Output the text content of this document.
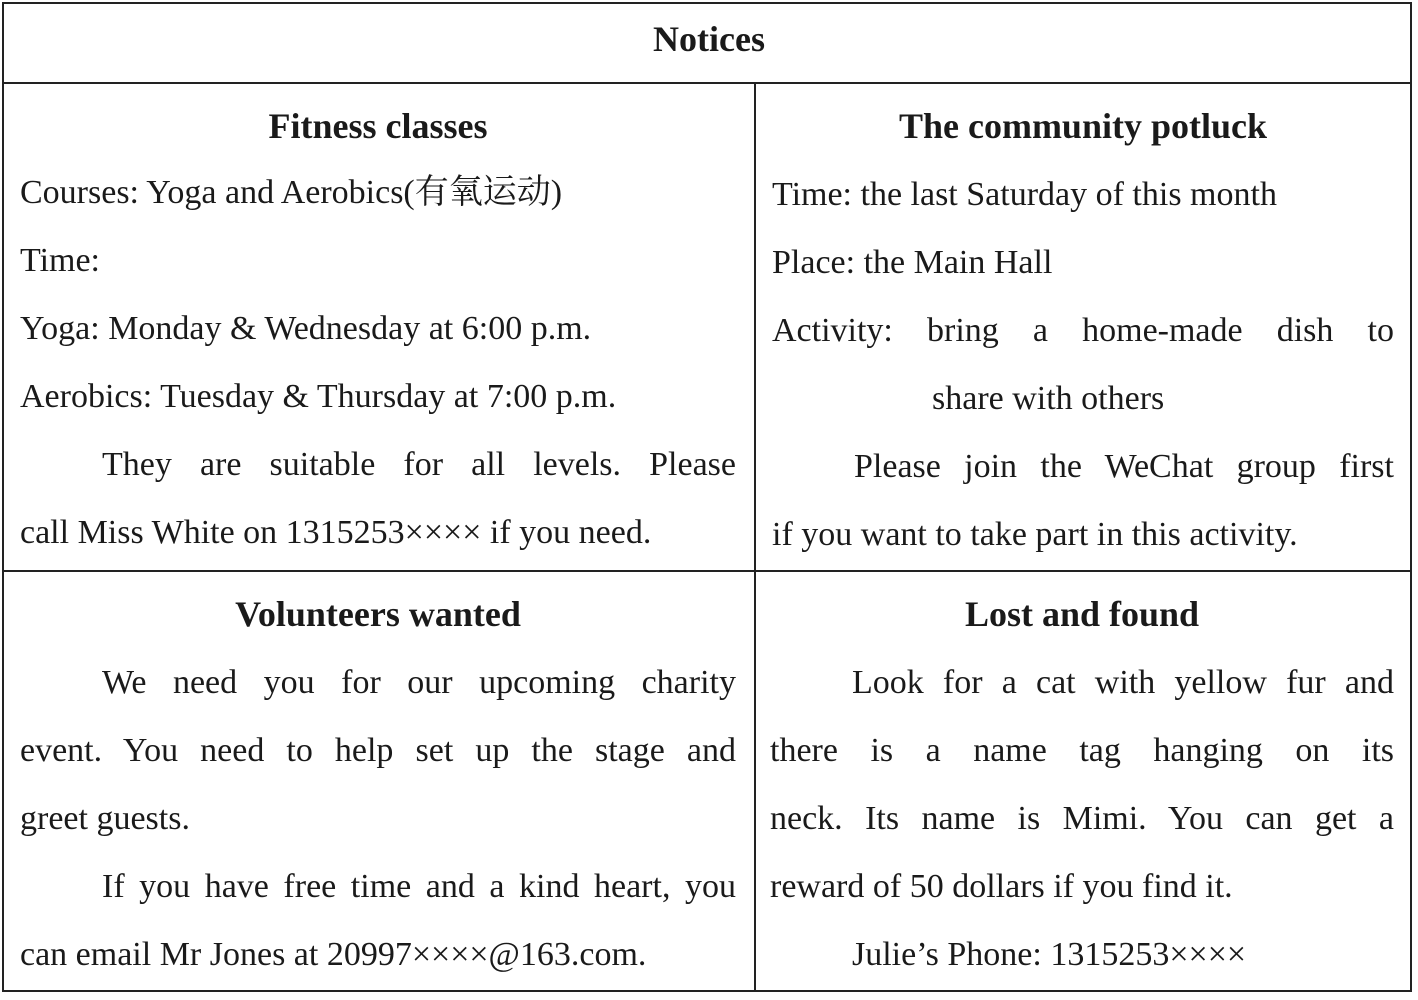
Notices
Fitness classes
Courses: Yoga and Aerobics(有氧运动)
Time:
Yoga: Monday & Wednesday at 6:00 p.m.
Aerobics: Tuesday & Thursday at 7:00 p.m.
They are suitable for all levels. Please
call Miss White on 1315253×××× if you need.
The community potluck
Time: the last Saturday of this month
Place: the Main Hall
Activity: bring a home-made dish to
share with others
Please join the WeChat group first
if you want to take part in this activity.
Volunteers wanted
We need you for our upcoming charity
event. You need to help set up the stage and
greet guests.
If you have free time and a kind heart, you
can email Mr Jones at 20997××××@163.com.
Lost and found
Look for a cat with yellow fur and
there is a name tag hanging on its
neck. Its name is Mimi. You can get a
reward of 50 dollars if you find it.
Julie’s Phone: 1315253××××
